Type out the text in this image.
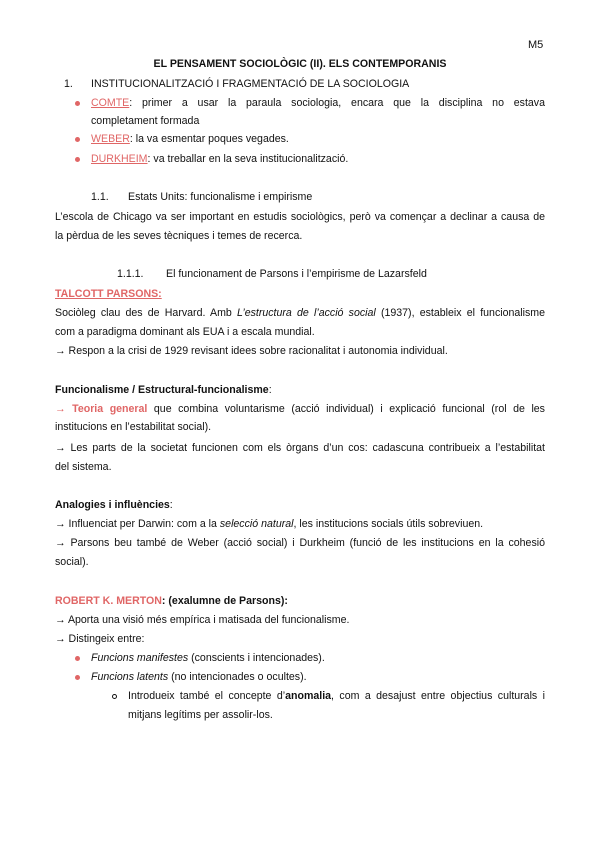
M5
EL PENSAMENT SOCIOLÒGIC (II). ELS CONTEMPORANIS
1. INSTITUCIONALITZACIÓ I FRAGMENTACIÓ DE LA SOCIOLOGIA
COMTE: primer a usar la paraula sociologia, encara que la disciplina no estava
completament formada
WEBER: la va esmentar poques vegades.
DURKHEIM: va treballar en la seva institucionalització.
1.1. Estats Units: funcionalisme i empirisme
L’escola de Chicago va ser important en estudis sociològics, però va començar a declinar a causa de
la pèrdua de les seves tècniques i temes de recerca.
1.1.1. El funcionament de Parsons i l’empirisme de Lazarsfeld
TALCOTT PARSONS:
Sociòleg clau des de Harvard. Amb L’estructura de l’acció social (1937), estableix el funcionalisme
com a paradigma dominant als EUA i a escala mundial.
→ Respon a la crisi de 1929 revisant idees sobre racionalitat i autonomia individual.
Funcionalisme / Estructural-funcionalisme:
→ Teoria general que combina voluntarisme (acció individual) i explicació funcional (rol de les
institucions en l’estabilitat social).
→ Les parts de la societat funcionen com els òrgans d’un cos: cadascuna contribueix a l’estabilitat
del sistema.
Analogies i influències:
→ Influenciat per Darwin: com a la selecció natural, les institucions socials útils sobreviuen.
→ Parsons beu també de Weber (acció social) i Durkheim (funció de les institucions en la cohesió
social).
ROBERT K. MERTON: (exalumne de Parsons):
→ Aporta una visió més empírica i matisada del funcionalisme.
→ Distingeix entre:
Funcions manifestes (conscients i intencionades).
Funcions latents (no intencionades o ocultes).
Introdueix també el concepte d’anomalia, com a desajust entre objectius culturals i
mitjans legítims per assolir-los.
